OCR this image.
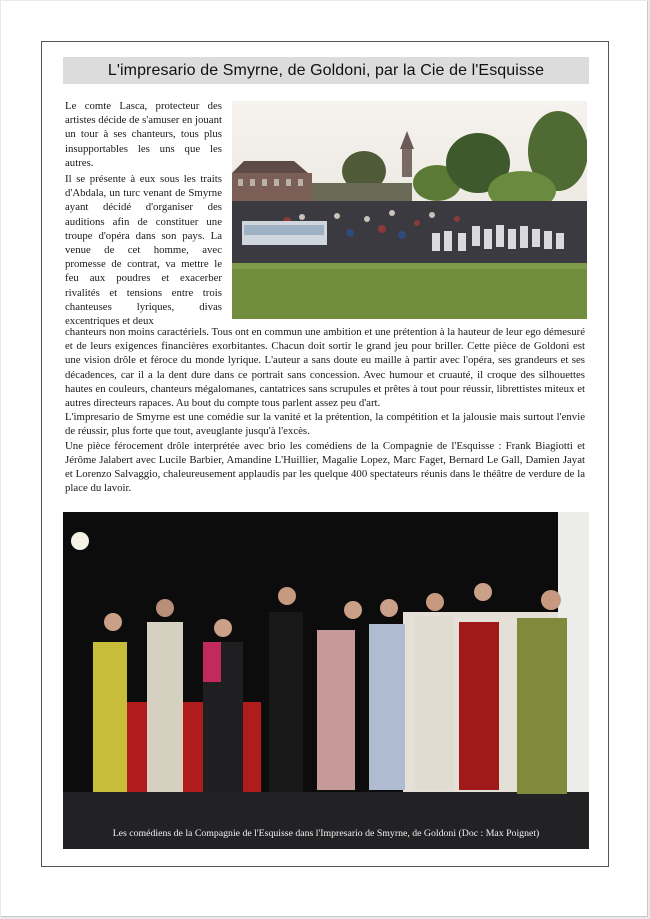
L'impresario de Smyrne, de Goldoni, par la Cie de l'Esquisse

Le comte Lasca, protecteur des artistes décide de s'amuser en jouant un tour à ses chanteurs, tous plus insupportables les uns que les autres.

Il se présente à eux sous les traits d'Abdala, un turc venant de Smyrne ayant décidé d'organiser des auditions afin de constituer une troupe d'opéra dans son pays. La venue de cet homme, avec promesse de contrat, va mettre le feu aux poudres et exacerber rivalités et tensions entre trois chanteuses lyriques, divas excentriques et deux

chanteurs non moins caractériels. Tous ont en commun une ambition et une prétention à la hauteur de leur ego démesuré et de leurs exigences financières exorbitantes. Chacun doit sortir le grand jeu pour briller. Cette pièce de Goldoni est une vision drôle et féroce du monde lyrique. L'auteur a sans doute eu maille à partir avec l'opéra, ses grandeurs et ses décadences, car il a la dent dure dans ce portrait sans concession. Avec humour et cruauté, il croque des silhouettes hautes en couleurs, chanteurs mégalomanes, cantatrices sans scrupules et prêtes à tout pour réussir, librettistes miteux et autres directeurs rapaces. Au bout du compte tous parlent assez peu d'art.

L'impresario de Smyrne est une comédie sur la vanité et la prétention, la compétition et la jalousie mais surtout l'envie de réussir, plus forte que tout, aveuglante jusqu'à l'excès.

Une pièce férocement drôle interprétée avec brio les comédiens de la Compagnie de l'Esquisse : Frank Biagiotti et Jérôme Jalabert avec Lucile Barbier, Amandine L'Huillier, Magalie Lopez, Marc Faget, Bernard Le Gall, Damien Jayat et Lorenzo Salvaggio, chaleureusement applaudis par les quelque 400 spectateurs réunis dans le théâtre de verdure de la place du lavoir.

Les comédiens de la Compagnie de l'Esquisse dans l'Impresario de Smyrne, de Goldoni (Doc : Max Poignet)
